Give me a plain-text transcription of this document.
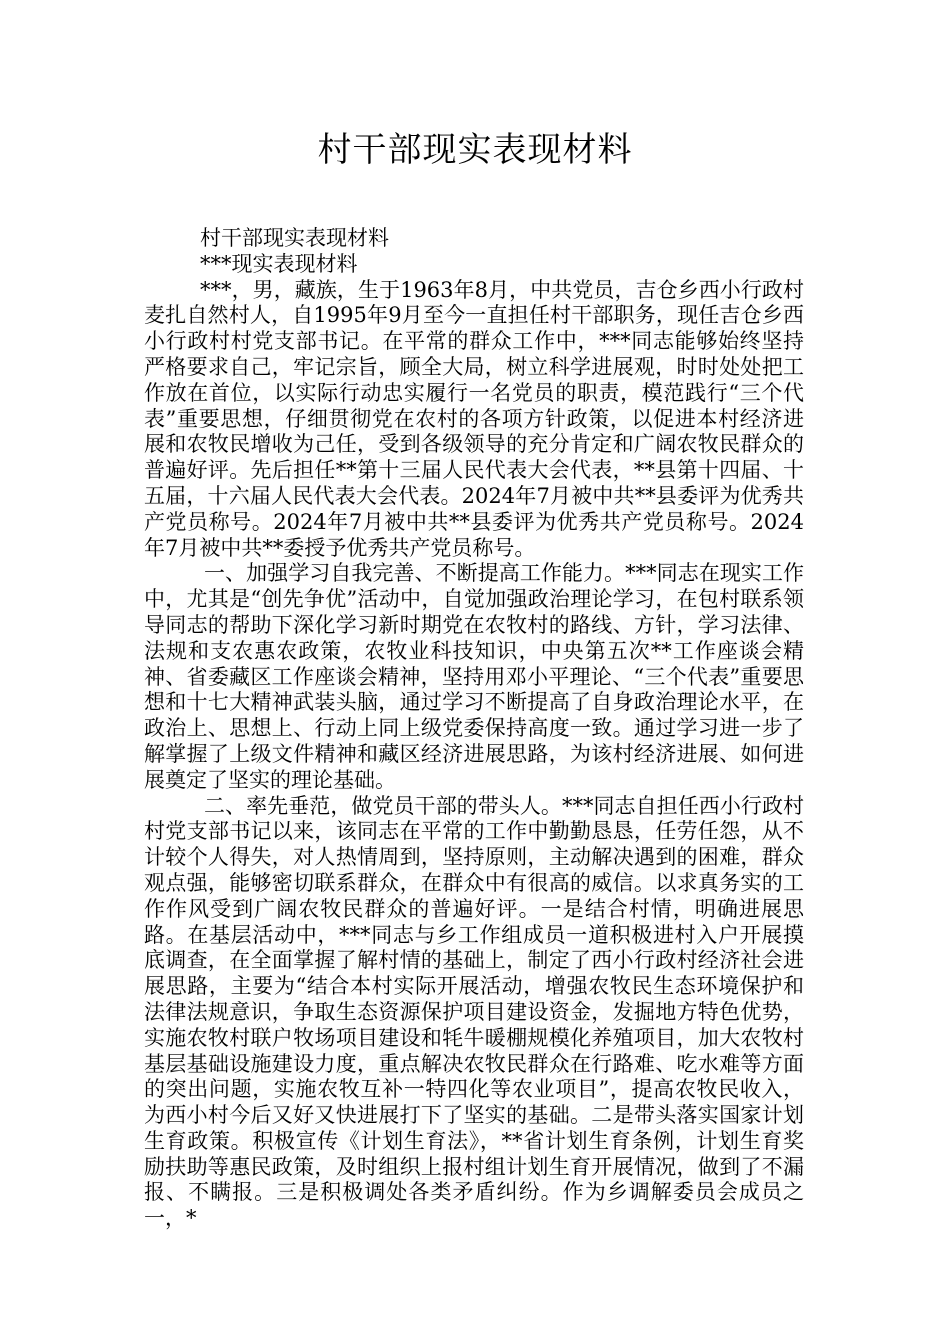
村干部现实表现材料

村干部现实表现材料

***现实表现材料

***，男，藏族，生于1963年8月，中共党员，吉仓乡西小行政村麦扎自然村人，自1995年9月至今一直担任村干部职务，现任吉仓乡西小行政村村党支部书记。在平常的群众工作中，***同志能够始终坚持严格要求自己，牢记宗旨，顾全大局，树立科学进展观，时时处处把工作放在首位，以实际行动忠实履行一名党员的职责，模范践行“三个代表”重要思想，仔细贯彻党在农村的各项方针政策，以促进本村经济进展和农牧民增收为己任，受到各级领导的充分肯定和广阔农牧民群众的普遍好评。先后担任**第十三届人民代表大会代表，**县第十四届、十五届，十六届人民代表大会代表。2024年7月被中共**县委评为优秀共产党员称号。2024年7月被中共**县委评为优秀共产党员称号。2024年7月被中共**委授予优秀共产党员称号。

一、加强学习自我完善、不断提高工作能力。***同志在现实工作中，尤其是“创先争优”活动中，自觉加强政治理论学习，在包村联系领导同志的帮助下深化学习新时期党在农牧村的路线、方针，学习法律、法规和支农惠农政策，农牧业科技知识，中央第五次**工作座谈会精神、省委藏区工作座谈会精神，坚持用邓小平理论、“三个代表”重要思想和十七大精神武装头脑，通过学习不断提高了自身政治理论水平，在政治上、思想上、行动上同上级党委保持高度一致。通过学习进一步了解掌握了上级文件精神和藏区经济进展思路，为该村经济进展、如何进展奠定了坚实的理论基础。

二、率先垂范，做党员干部的带头人。***同志自担任西小行政村村党支部书记以来，该同志在平常的工作中勤勤恳恳，任劳任怨，从不计较个人得失，对人热情周到，坚持原则，主动解决遇到的困难，群众观点强，能够密切联系群众，在群众中有很高的威信。以求真务实的工作作风受到广阔农牧民群众的普遍好评。一是结合村情，明确进展思路。在基层活动中，***同志与乡工作组成员一道积极进村入户开展摸底调查，在全面掌握了解村情的基础上，制定了西小行政村经济社会进展思路，主要为“结合本村实际开展活动，增强农牧民生态环境保护和法律法规意识，争取生态资源保护项目建设资金，发掘地方特色优势，实施农牧村联户牧场项目建设和牦牛暖棚规模化养殖项目，加大农牧村基层基础设施建设力度，重点解决农牧民群众在行路难、吃水难等方面的突出问题，实施农牧互补一特四化等农业项目”，提高农牧民收入，为西小村今后又好又快进展打下了坚实的基础。二是带头落实国家计划生育政策。积极宣传《计划生育法》，**省计划生育条例，计划生育奖励扶助等惠民政策，及时组织上报村组计划生育开展情况，做到了不漏报、不瞒报。三是积极调处各类矛盾纠纷。作为乡调解委员会成员之一，*
